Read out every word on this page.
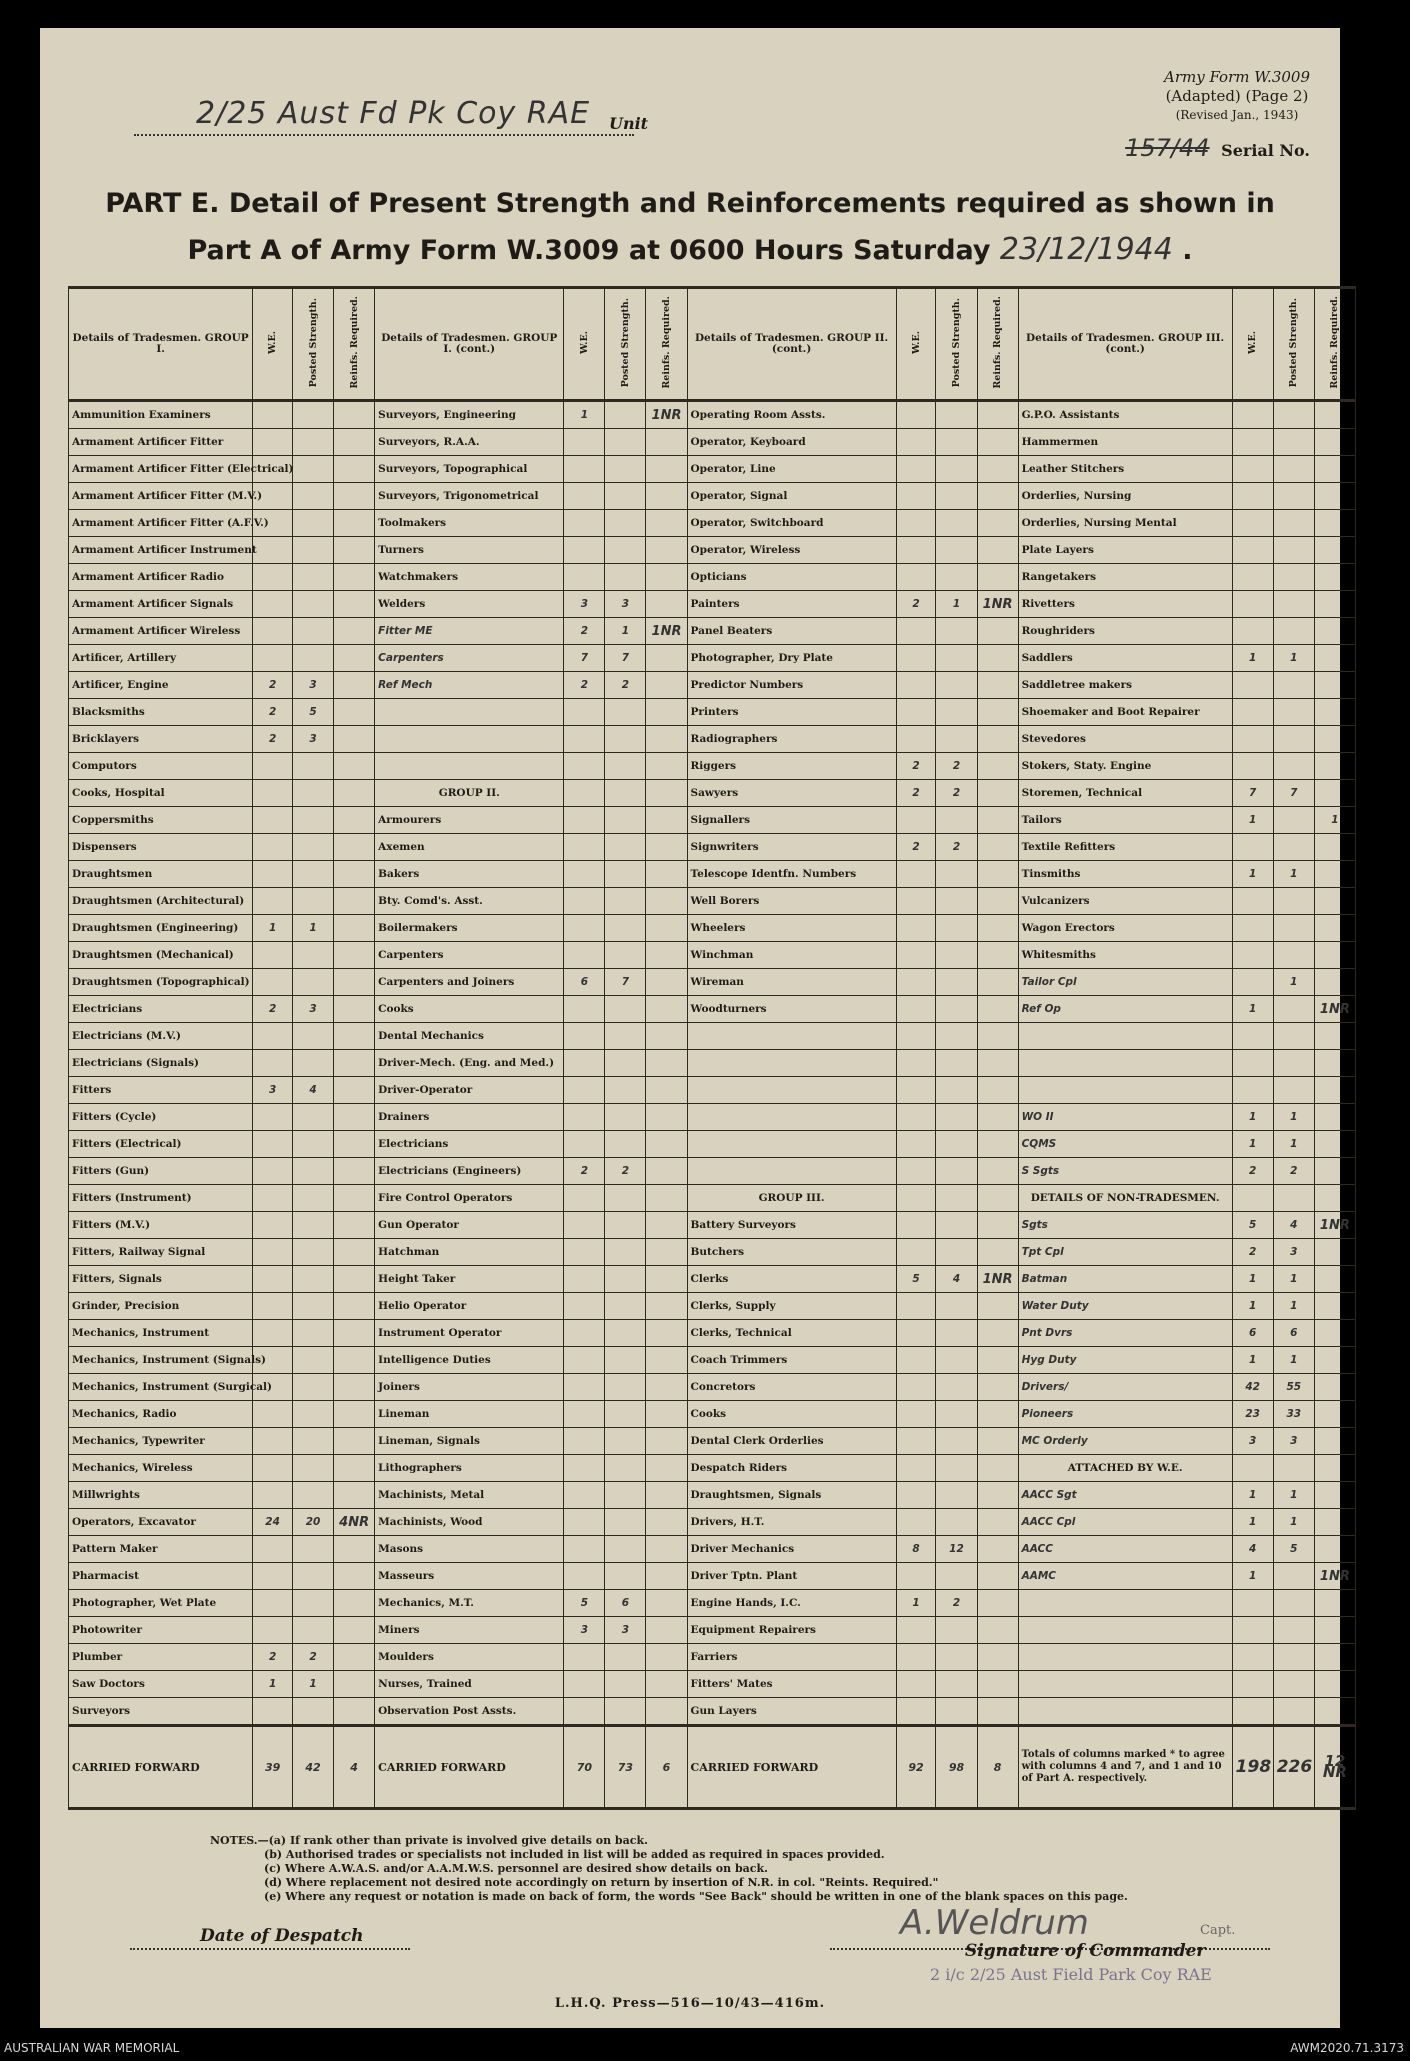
2/25 Aust Fd Pk Coy RAE Unit
Army Form W.3009
(Adapted) (Page 2)
(Revised Jan., 1943)
157/44 Serial No.
PART E. Detail of Present Strength and Reinforcements required as shown in
Part A of Army Form W.3009 at 0600 Hours Saturday 23/12/1944 .
Details of Tradesmen. GROUP I.	W.E.	Posted Strength.	Reinfs. Required.	Details of Tradesmen. GROUP I. (cont.)	W.E.	Posted Strength.	Reinfs. Required.	Details of Tradesmen. GROUP II. (cont.)	W.E.	Posted Strength.	Reinfs. Required.	Details of Tradesmen. GROUP III. (cont.)	W.E.	Posted Strength.	Reinfs. Required.
Ammunition Examiners				Surveyors, Engineering	1		1NR	Operating Room Assts.				G.P.O. Assistants			
Armament Artificer Fitter				Surveyors, R.A.A.				Operator, Keyboard				Hammermen			
Armament Artificer Fitter (Electrical)				Surveyors, Topographical				Operator, Line				Leather Stitchers			
Armament Artificer Fitter (M.V.)				Surveyors, Trigonometrical				Operator, Signal				Orderlies, Nursing			
Armament Artificer Fitter (A.F.V.)				Toolmakers				Operator, Switchboard				Orderlies, Nursing Mental			
Armament Artificer Instrument				Turners				Operator, Wireless				Plate Layers			
Armament Artificer Radio				Watchmakers				Opticians				Rangetakers			
Armament Artificer Signals				Welders	3	3		Painters	2	1	1NR	Rivetters			
Armament Artificer Wireless				Fitter ME	2	1	1NR	Panel Beaters				Roughriders			
Artificer, Artillery				Carpenters	7	7		Photographer, Dry Plate				Saddlers	1	1	
Artificer, Engine	2	3		Ref Mech	2	2		Predictor Numbers				Saddletree makers			
Blacksmiths	2	5						Printers				Shoemaker and Boot Repairer			
Bricklayers	2	3						Radiographers				Stevedores			
Computors								Riggers	2	2		Stokers, Staty. Engine			
Cooks, Hospital				GROUP II.				Sawyers	2	2		Storemen, Technical	7	7	
Coppersmiths				Armourers				Signallers				Tailors	1		1
Dispensers				Axemen				Signwriters	2	2		Textile Refitters			
Draughtsmen				Bakers				Telescope Identfn. Numbers				Tinsmiths	1	1	
Draughtsmen (Architectural)				Bty. Comd's. Asst.				Well Borers				Vulcanizers			
Draughtsmen (Engineering)	1	1		Boilermakers				Wheelers				Wagon Erectors			
Draughtsmen (Mechanical)				Carpenters				Winchman				Whitesmiths			
Draughtsmen (Topographical)				Carpenters and Joiners	6	7		Wireman				Tailor Cpl		1	
Electricians	2	3		Cooks				Woodturners				Ref Op	1		1NR
Electricians (M.V.)				Dental Mechanics											
Electricians (Signals)				Driver-Mech. (Eng. and Med.)											
Fitters	3	4		Driver-Operator											
Fitters (Cycle)				Drainers								WO II	1	1	
Fitters (Electrical)				Electricians								CQMS	1	1	
Fitters (Gun)				Electricians (Engineers)	2	2						S Sgts	2	2	
Fitters (Instrument)				Fire Control Operators				GROUP III.				DETAILS OF NON-TRADESMEN.			
Fitters (M.V.)				Gun Operator				Battery Surveyors				Sgts	5	4	1NR
Fitters, Railway Signal				Hatchman				Butchers				Tpt Cpl	2	3	
Fitters, Signals				Height Taker				Clerks	5	4	1NR	Batman	1	1	
Grinder, Precision				Helio Operator				Clerks, Supply				Water Duty	1	1	
Mechanics, Instrument				Instrument Operator				Clerks, Technical				Pnt Dvrs	6	6	
Mechanics, Instrument (Signals)				Intelligence Duties				Coach Trimmers				Hyg Duty	1	1	
Mechanics, Instrument (Surgical)				Joiners				Concretors				Drivers/	42	55	
Mechanics, Radio				Lineman				Cooks				Pioneers	23	33	
Mechanics, Typewriter				Lineman, Signals				Dental Clerk Orderlies				MC Orderly	3	3	
Mechanics, Wireless				Lithographers				Despatch Riders				ATTACHED BY W.E.			
Millwrights				Machinists, Metal				Draughtsmen, Signals				AACC Sgt	1	1	
Operators, Excavator	24	20	4NR	Machinists, Wood				Drivers, H.T.				AACC Cpl	1	1	
Pattern Maker				Masons				Driver Mechanics	8	12		AACC	4	5	
Pharmacist				Masseurs				Driver Tptn. Plant				AAMC	1		1NR
Photographer, Wet Plate				Mechanics, M.T.	5	6		Engine Hands, I.C.	1	2					
Photowriter				Miners	3	3		Equipment Repairers							
Plumber	2	2		Moulders				Farriers							
Saw Doctors	1	1		Nurses, Trained				Fitters' Mates							
Surveyors				Observation Post Assts.				Gun Layers							
CARRIED FORWARD	39	42	4	CARRIED FORWARD	70	73	6	CARRIED FORWARD	92	98	8	Totals of columns marked * to agree with columns 4 and 7, and 1 and 10 of Part A. respectively.	198	226	12 NR
NOTES.—(a) If rank other than private is involved give details on back.
(b) Authorised trades or specialists not included in list will be added as required in spaces provided.
(c) Where A.W.A.S. and/or A.A.M.W.S. personnel are desired show details on back.
(d) Where replacement not desired note accordingly on return by insertion of N.R. in col. "Reints. Required."
(e) Where any request or notation is made on back of form, the words "See Back" should be written in one of the blank spaces on this page.
Date of Despatch	A.Weldrum	Capt.
Signature of Commander
2 i/c 2/25 Aust Field Park Coy RAE
L.H.Q. Press—516—10/43—416m.
AUSTRALIAN WAR MEMORIAL	AWM2020.71.3173
